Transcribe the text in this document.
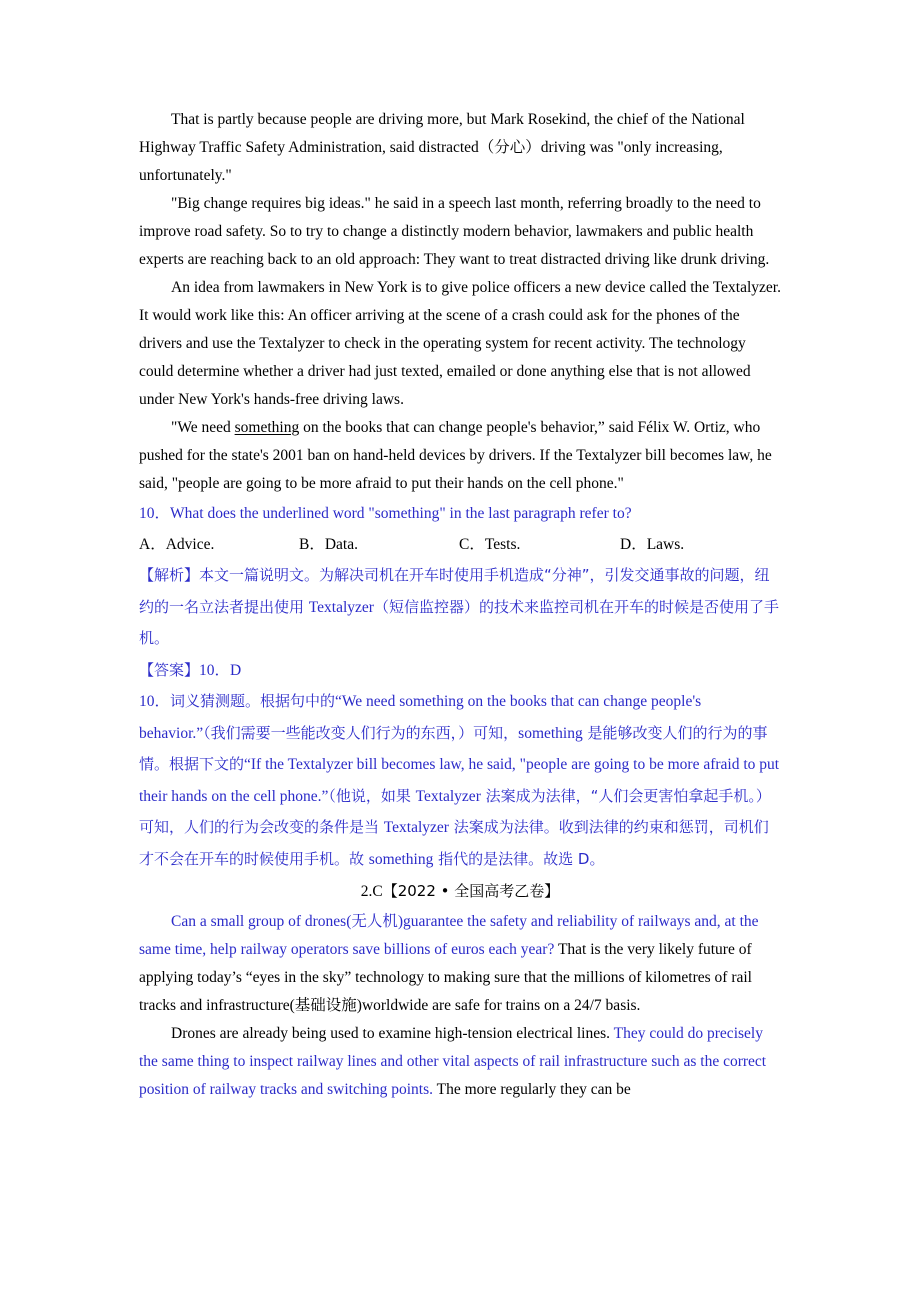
That is partly because people are driving more, but Mark Rosekind, the chief of the National Highway Traffic Safety Administration, said distracted（分心）driving was "only increasing, unfortunately."

"Big change requires big ideas." he said in a speech last month, referring broadly to the need to improve road safety. So to try to change a distinctly modern behavior, lawmakers and public health experts are reaching back to an old approach: They want to treat distracted driving like drunk driving.

An idea from lawmakers in New York is to give police officers a new device called the Textalyzer. It would work like this: An officer arriving at the scene of a crash could ask for the phones of the drivers and use the Textalyzer to check in the operating system for recent activity. The technology could determine whether a driver had just texted, emailed or done anything else that is not allowed under New York's hands-free driving laws.

"We need something on the books that can change people's behavior,” said Félix W. Ortiz, who pushed for the state's 2001 ban on hand-held devices by drivers. If the Textalyzer bill becomes law, he said, "people are going to be more afraid to put their hands on the cell phone."

10．What does the underlined word "something" in the last paragraph refer to?

A．Advice.	B．Data.	C．Tests.	D．Laws.

【解析】本文一篇说明文。为解决司机在开车时使用手机造成“分神”，引发交通事故的问题，纽约的一名立法者提出使用 Textalyzer（短信监控器）的技术来监控司机在开车的时候是否使用了手机。

【答案】10．D

10．词义猜测题。根据句中的“We need something on the books that can change people's behavior.”（我们需要一些能改变人们行为的东西，）可知，something 是能够改变人们的行为的事情。根据下文的“If the Textalyzer bill becomes law, he said, "people are going to be more afraid to put their hands on the cell phone.”（他说，如果 Textalyzer 法案成为法律，“人们会更害怕拿起手机。）可知，人们的行为会改变的条件是当 Textalyzer 法案成为法律。收到法律的约束和惩罚，司机们才不会在开车的时候使用手机。故 something 指代的是法律。故选 D。

2.C【2022 • 全国高考乙卷】

Can a small group of drones(无人机)guarantee the safety and reliability of railways and, at the same time, help railway operators save billions of euros each year? That is the very likely future of applying today’s “eyes in the sky” technology to making sure that the millions of kilometres of rail tracks and infrastructure(基础设施)worldwide are safe for trains on a 24/7 basis.

Drones are already being used to examine high-tension electrical lines. They could do precisely the same thing to inspect railway lines and other vital aspects of rail infrastructure such as the correct position of railway tracks and switching points. The more regularly they can be
